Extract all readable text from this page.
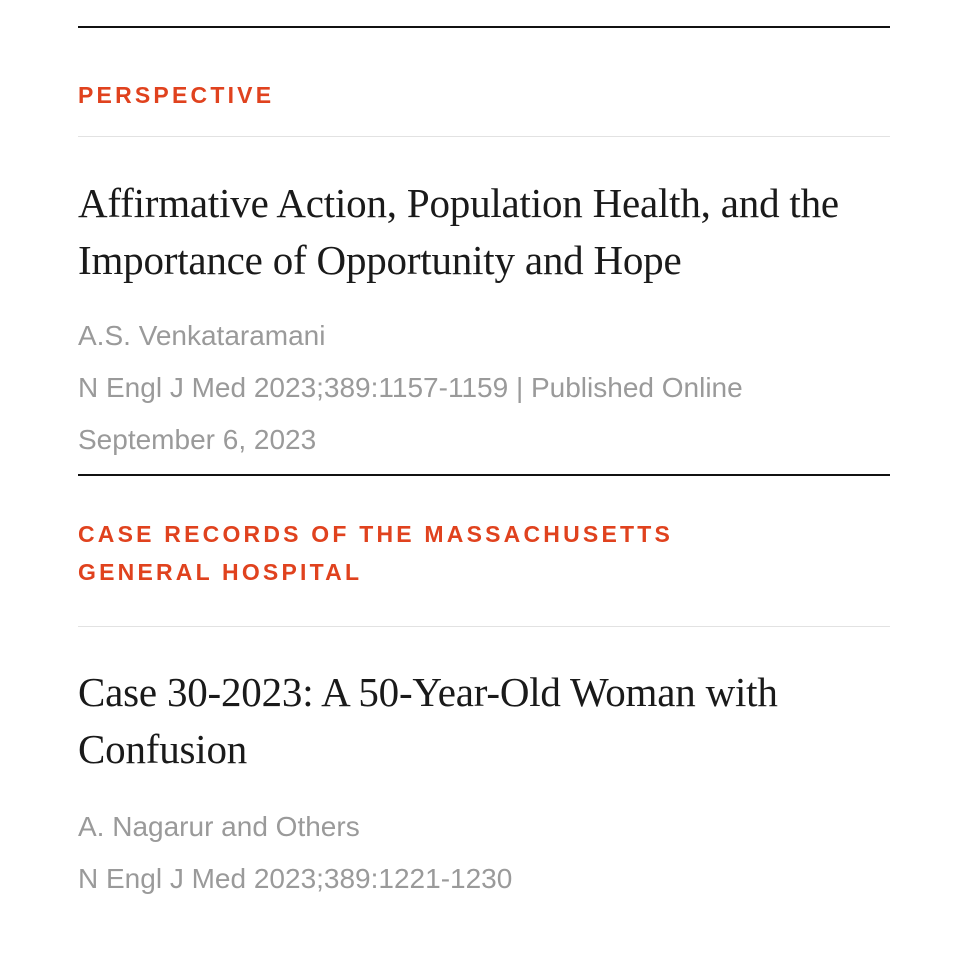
PERSPECTIVE
Affirmative Action, Population Health, and the Importance of Opportunity and Hope
A.S. Venkataramani
N Engl J Med 2023;389:1157-1159 | Published Online September 6, 2023
CASE RECORDS OF THE MASSACHUSETTS GENERAL HOSPITAL
Case 30-2023: A 50-Year-Old Woman with Confusion
A. Nagarur and Others
N Engl J Med 2023;389:1221-1230
